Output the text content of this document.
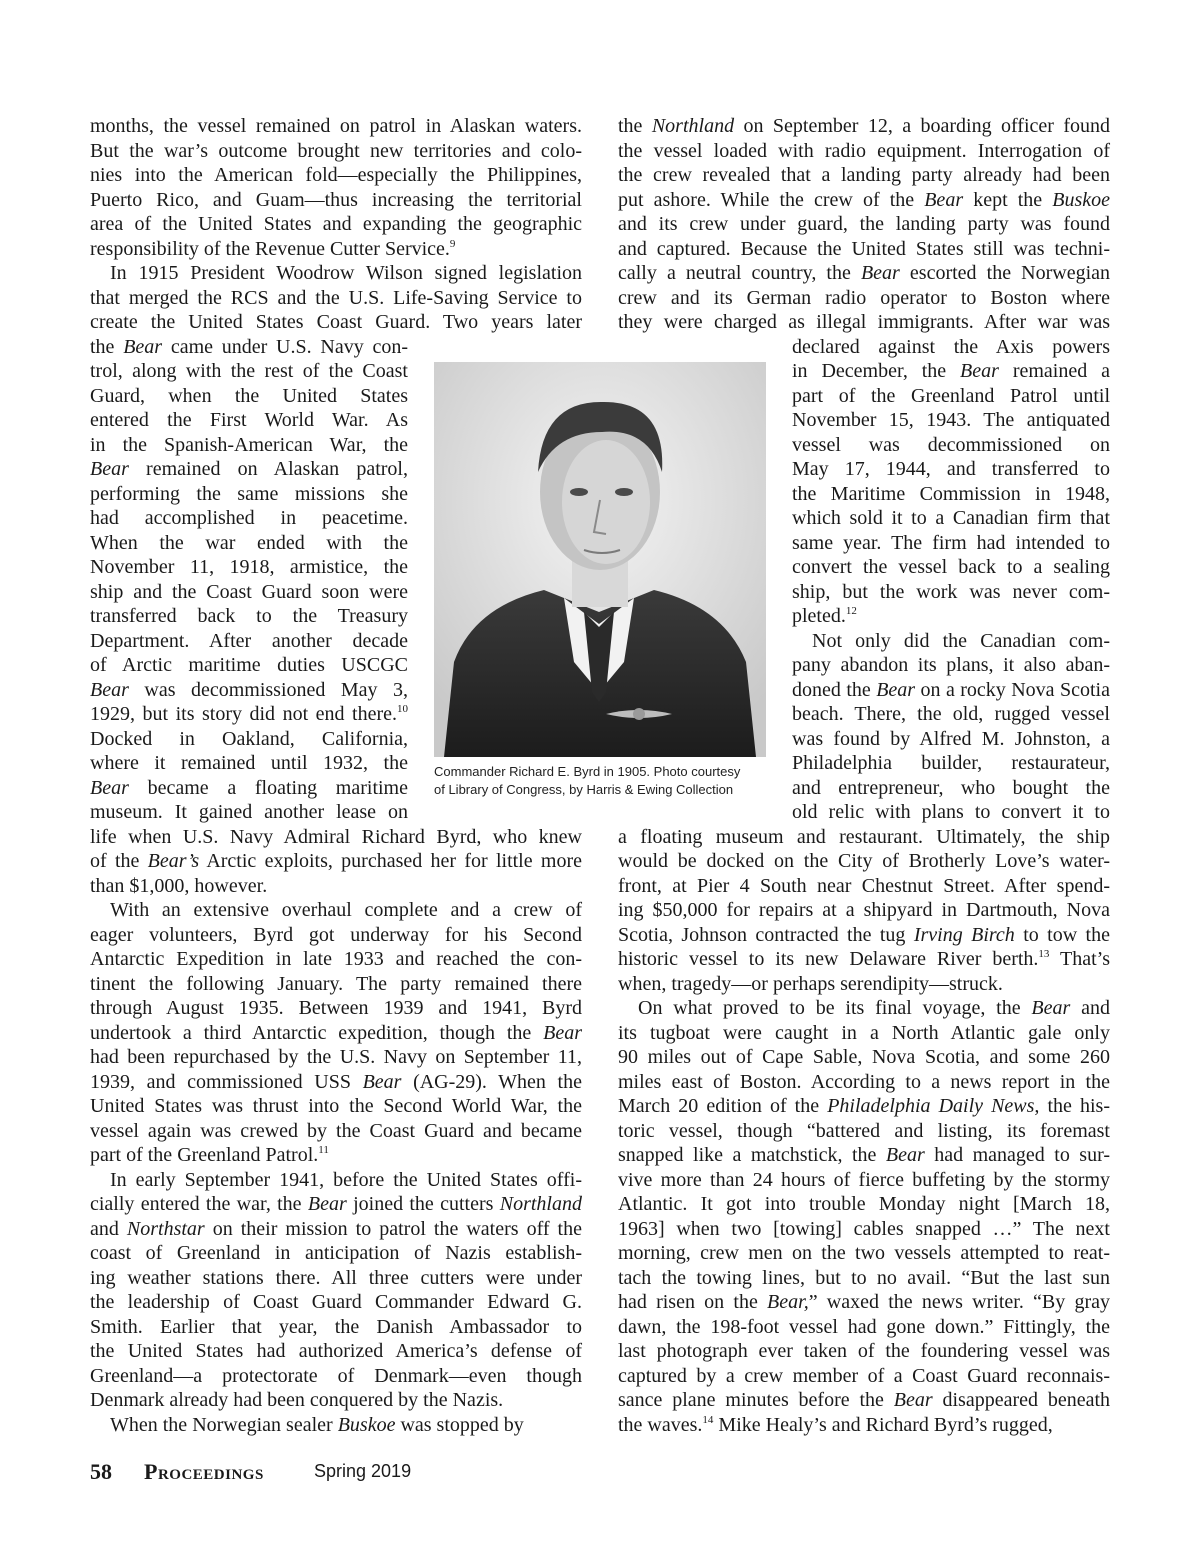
months, the vessel remained on patrol in Alaskan waters.
But the war’s outcome brought new territories and colo-
nies into the American fold—especially the Philippines,
Puerto Rico, and Guam—thus increasing the territorial
area of the United States and expanding the geographic
responsibility of the Revenue Cutter Service.$^9$
 In 1915 President Woodrow Wilson signed legislation
that merged the RCS and the U.S. Life-Saving Service to
create the United States Coast Guard. Two years later
the Bear came under U.S. Navy con-
trol, along with the rest of the Coast
Guard, when the United States
entered the First World War. As
in the Spanish-American War, the
Bear remained on Alaskan patrol,
performing the same missions she
had accomplished in peacetime.
When the war ended with the
November 11, 1918, armistice, the
ship and the Coast Guard soon were
transferred back to the Treasury
Department. After another decade
of Arctic maritime duties USCGC
Bear was decommissioned May 3,
1929, but its story did not end there.$^{10}$
Docked in Oakland, California,
where it remained until 1932, the
Bear became a floating maritime
museum. It gained another lease on
life when U.S. Navy Admiral Richard Byrd, who knew
of the Bear’s Arctic exploits, purchased her for little more
than $1,000, however.
 With an extensive overhaul complete and a crew of
eager volunteers, Byrd got underway for his Second
Antarctic Expedition in late 1933 and reached the con-
tinent the following January. The party remained there
through August 1935. Between 1939 and 1941, Byrd
undertook a third Antarctic expedition, though the Bear
had been repurchased by the U.S. Navy on September 11,
1939, and commissioned USS Bear (AG-29). When the
United States was thrust into the Second World War, the
vessel again was crewed by the Coast Guard and became
part of the Greenland Patrol.$^{11}$
 In early September 1941, before the United States offi-
cially entered the war, the Bear joined the cutters Northland
and Northstar on their mission to patrol the waters off the
coast of Greenland in anticipation of Nazis establish-
ing weather stations there. All three cutters were under
the leadership of Coast Guard Commander Edward G.
Smith. Earlier that year, the Danish Ambassador to
the United States had authorized America’s defense of
Greenland—a protectorate of Denmark—even though
Denmark already had been conquered by the Nazis.
 When the Norwegian sealer Buskoe was stopped by
the Northland on September 12, a boarding officer found
the vessel loaded with radio equipment. Interrogation of
the crew revealed that a landing party already had been
put ashore. While the crew of the Bear kept the Buskoe
and its crew under guard, the landing party was found
and captured. Because the United States still was techni-
cally a neutral country, the Bear escorted the Norwegian
crew and its German radio operator to Boston where
they were charged as illegal immigrants. After war was
declared against the Axis powers
in December, the Bear remained a
part of the Greenland Patrol until
November 15, 1943. The antiquated
vessel was decommissioned on
May 17, 1944, and transferred to
the Maritime Commission in 1948,
which sold it to a Canadian firm that
same year. The firm had intended to
convert the vessel back to a sealing
ship, but the work was never com-
pleted.$^{12}$
 Not only did the Canadian com-
pany abandon its plans, it also aban-
doned the Bear on a rocky Nova Scotia
beach. There, the old, rugged vessel
was found by Alfred M. Johnston, a
Philadelphia builder, restaurateur,
and entrepreneur, who bought the
old relic with plans to convert it to
a floating museum and restaurant. Ultimately, the ship
would be docked on the City of Brotherly Love’s water-
front, at Pier 4 South near Chestnut Street. After spend-
ing $50,000 for repairs at a shipyard in Dartmouth, Nova
Scotia, Johnson contracted the tug Irving Birch to tow the
historic vessel to its new Delaware River berth.$^{13}$ That’s
when, tragedy—or perhaps serendipity—struck.
 On what proved to be its final voyage, the Bear and
its tugboat were caught in a North Atlantic gale only
90 miles out of Cape Sable, Nova Scotia, and some 260
miles east of Boston. According to a news report in the
March 20 edition of the Philadelphia Daily News, the his-
toric vessel, though “battered and listing, its foremast
snapped like a matchstick, the Bear had managed to sur-
vive more than 24 hours of fierce buffeting by the stormy
Atlantic. It got into trouble Monday night [March 18,
1963] when two [towing] cables snapped …” The next
morning, crew men on the two vessels attempted to reat-
tach the towing lines, but to no avail. “But the last sun
had risen on the Bear,” waxed the news writer. “By gray
dawn, the 198-foot vessel had gone down.” Fittingly, the
last photograph ever taken of the foundering vessel was
captured by a crew member of a Coast Guard reconnais-
sance plane minutes before the Bear disappeared beneath
the waves.$^{14}$ Mike Healy’s and Richard Byrd’s rugged,
Commander Richard E. Byrd in 1905. Photo courtesy
of Library of Congress, by Harris & Ewing Collection
58 Proceedings	Spring 2019
